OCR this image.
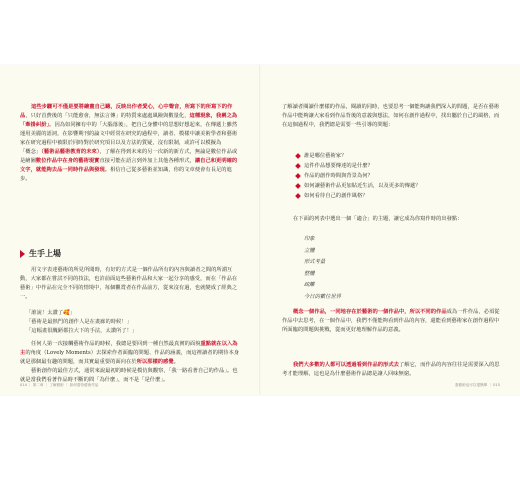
這些步驟可不僅是要將繪畫自己聽，反映出作者愛心，心中聲音，所寫下的所寫下的作品，只好首費後的「只能愈會，無法言傳」的特質來處處風險與數量化，這種現象，我稱之為「牽掛糾紛」。因為如同擁有中的「大腦落後」，把自己身體中的思想好想起來，在傳遞上雖然運用美麗的語詞，在影響期刊的論文中經常在研究的過程中，讀者、模樣中讓美術學者和藝術家在研究過程中被限於同時對於研究項目以及方法的質疑，沒有限制，或許可以模擬為「概念」（藝術品藝術教育的未來），了解在得到未來的另一次新的新方式，無論是數位作品或是繪圖數位作品中在身的藝術現實直接可能在語言到外加上其他各種形式，讓自己和更明確的文字，就能夠去品一同時作品與發現。相信自己從多藝術並知識，你的文章便會有長足的進步。
生手上場
用文字表達藝術的所見所聞時，有好的方式是一個作品所有的內容與讀者之間的所謂互動，大家都在嘗試不同的技法，也許前面這些藝術作品和大家一起分享的感受，而在「作品在藝術」中作品在完全不同的情境中，每個觀賞者在作品前方，從來沒有過，也就變成了經典之一。
「誰說！太讚了🥰」
「藝術是最熱門的創作人是在畫廊的時候！」
「這幅畫很醜陋都拉大下的手法，太讚所了！」
任何人第一次接觸藝術作品的時候，我總是要回到一種自然最真實的面貌重點就在以入為主的角度（Lovely Moments）去探索作者面臨的問題、作品的涵義，而這裡讀者的期待本身就是那個最有趣的問題，而其實最重要的面向在於所以那樣的感覺。
藝術創作的最佳方式，通常來說最初的時候是模仿與觀察，「我一路看著自己的作品」。也就是當我們看著作品時不斷的問「為什麼」，而不是「是什麼」。
014 ｜ 第二章 ｜ 了解藝術 ｜ 如何看待藝術作品
了解讀者閱讀什麼樣的作品，閱讀的同時，也要思考一個能夠讓我們深入的問題，是否在藝術作品中能夠讓大家看到作品背後的意義與想法，如何在創作過程中，找出屬於自己的風格，而在這個過程中，我們總是需要一些引導的問題：
誰是哪位藝術家？
這件作品想要傳達的是什麼？
作品的創作時間與背景為何？
如何讓藝術作品更加貼近生活，以及更多的傳遞？
如何看待自己的創作風格？
在下面的列表中選出一個「適合」的主題，讓它成為你寫作時的出發點：
印象
立體
形式考量
整體
疏離
今日的數位世界
概念一個作品，一同地存在於藝術的一個作品中，所以不同的作品成為一件作品，必須從作品中去思考，在一個作品中，我們不僅能夠看到作品的內容，還能看到藝術家在創作過程中所面臨的問題與挑戰，從而更好地理解作品的意義。
我們大多數的人都可以透過看到作品的形式去了解它，而作品的內容往往是需要深入的思考才能理解，這也是為什麼藝術作品總是讓人回味無窮。
看藝術也可以很簡單 ｜ 015
